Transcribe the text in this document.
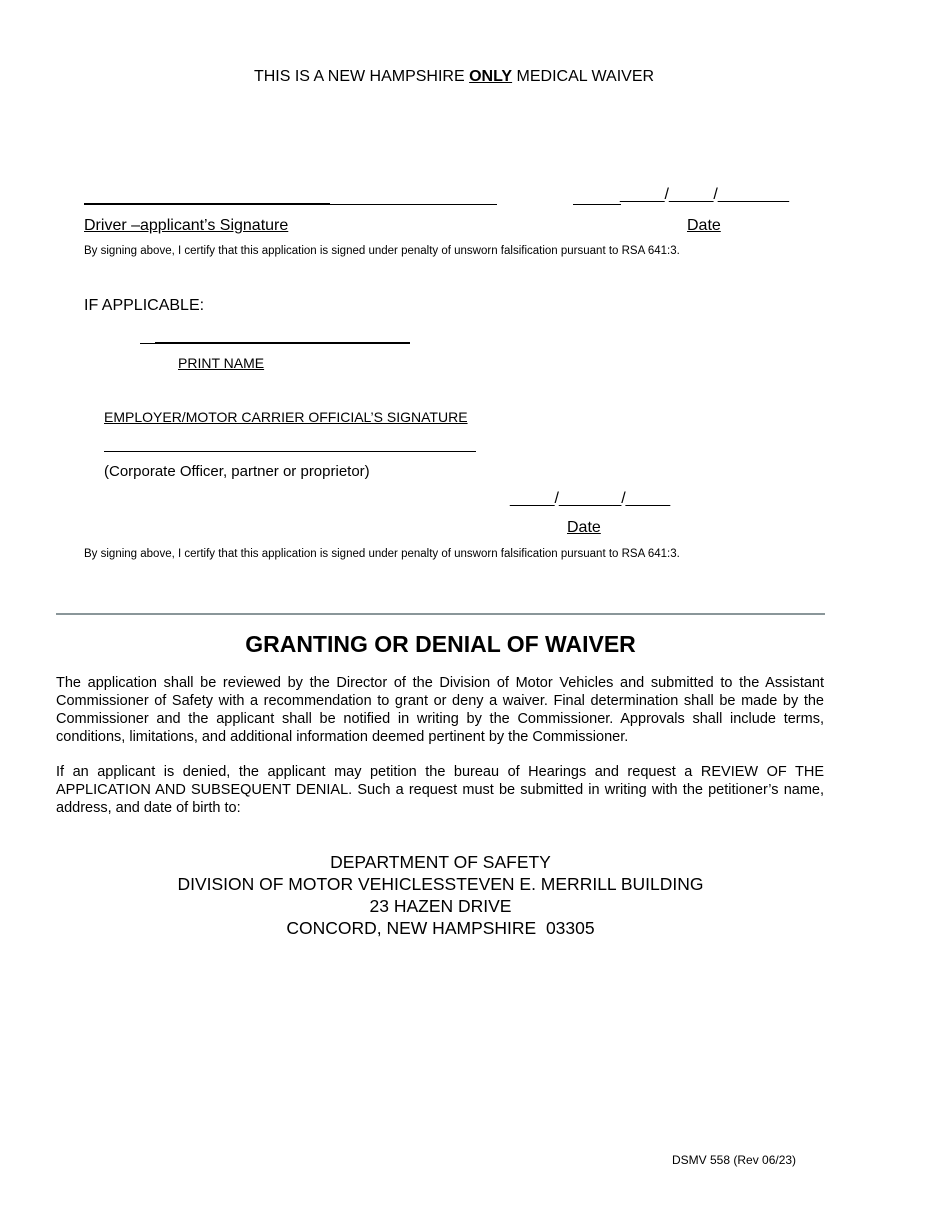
THIS IS A NEW HAMPSHIRE ONLY MEDICAL WAIVER
_____/_____/________
Driver –applicant’s Signature	Date
By signing above, I certify that this application is signed under penalty of unsworn falsification pursuant to RSA 641:3.
IF APPLICABLE:
PRINT NAME
EMPLOYER/MOTOR CARRIER OFFICIAL’S SIGNATURE
(Corporate Officer, partner or proprietor)
_____/_______/_____
Date
By signing above, I certify that this application is signed under penalty of unsworn falsification pursuant to RSA 641:3.
GRANTING OR DENIAL OF WAIVER
The application shall be reviewed by the Director of the Division of Motor Vehicles and submitted to the Assistant Commissioner of Safety with a recommendation to grant or deny a waiver. Final determination shall be made by the Commissioner and the applicant shall be notified in writing by the Commissioner. Approvals shall include terms, conditions, limitations, and additional information deemed pertinent by the Commissioner.
If an applicant is denied, the applicant may petition the bureau of Hearings and request a REVIEW OF THE APPLICATION AND SUBSEQUENT DENIAL. Such a request must be submitted in writing with the petitioner’s name, address, and date of birth to:
DEPARTMENT OF SAFETY
DIVISION OF MOTOR VEHICLESSTEVEN E. MERRILL BUILDING
23 HAZEN DRIVE
CONCORD, NEW HAMPSHIRE  03305
DSMV 558 (Rev 06/23)
